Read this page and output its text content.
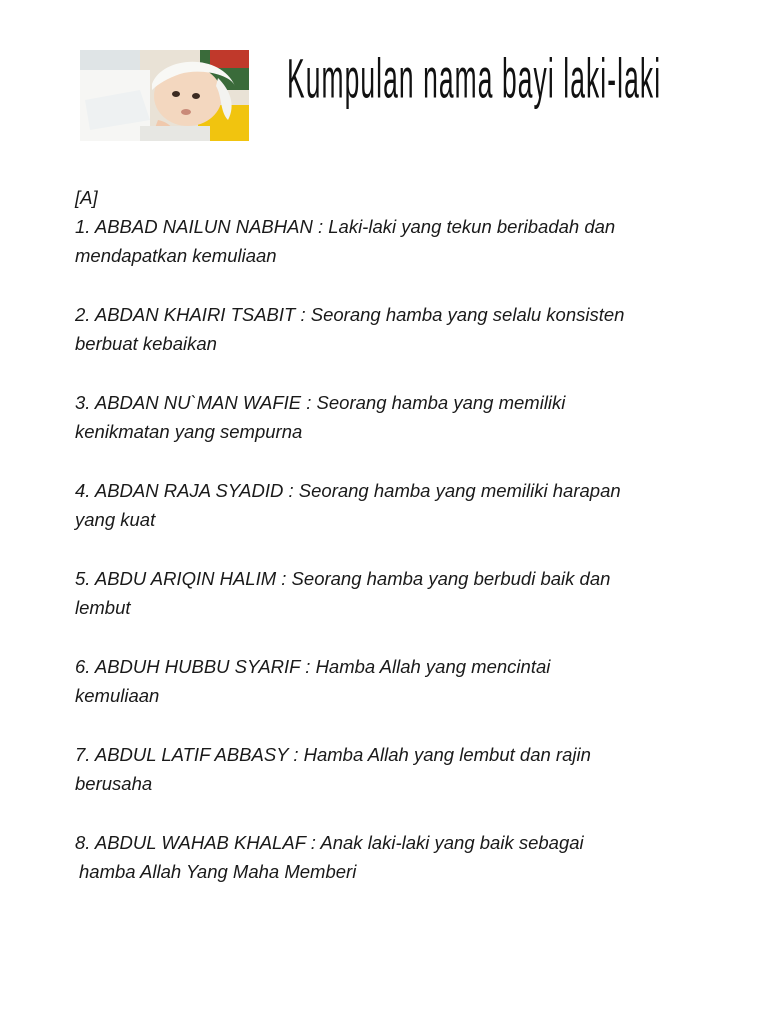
Kumpulan nama bayi laki-laki
[A]
1. ABBAD NAILUN NABHAN : Laki-laki yang tekun beribadah dan
mendapatkan kemuliaan
2. ABDAN KHAIRI TSABIT : Seorang hamba yang selalu konsisten
berbuat kebaikan
3. ABDAN NU`MAN WAFIE : Seorang hamba yang memiliki
kenikmatan yang sempurna
4. ABDAN RAJA SYADID : Seorang hamba yang memiliki harapan
yang kuat
5. ABDU ARIQIN HALIM : Seorang hamba yang berbudi baik dan
lembut
6. ABDUH HUBBU SYARIF : Hamba Allah yang mencintai
kemuliaan
7. ABDUL LATIF ABBASY : Hamba Allah yang lembut dan rajin
berusaha
8. ABDUL WAHAB KHALAF : Anak laki-laki yang baik sebagai
hamba Allah Yang Maha Memberi
